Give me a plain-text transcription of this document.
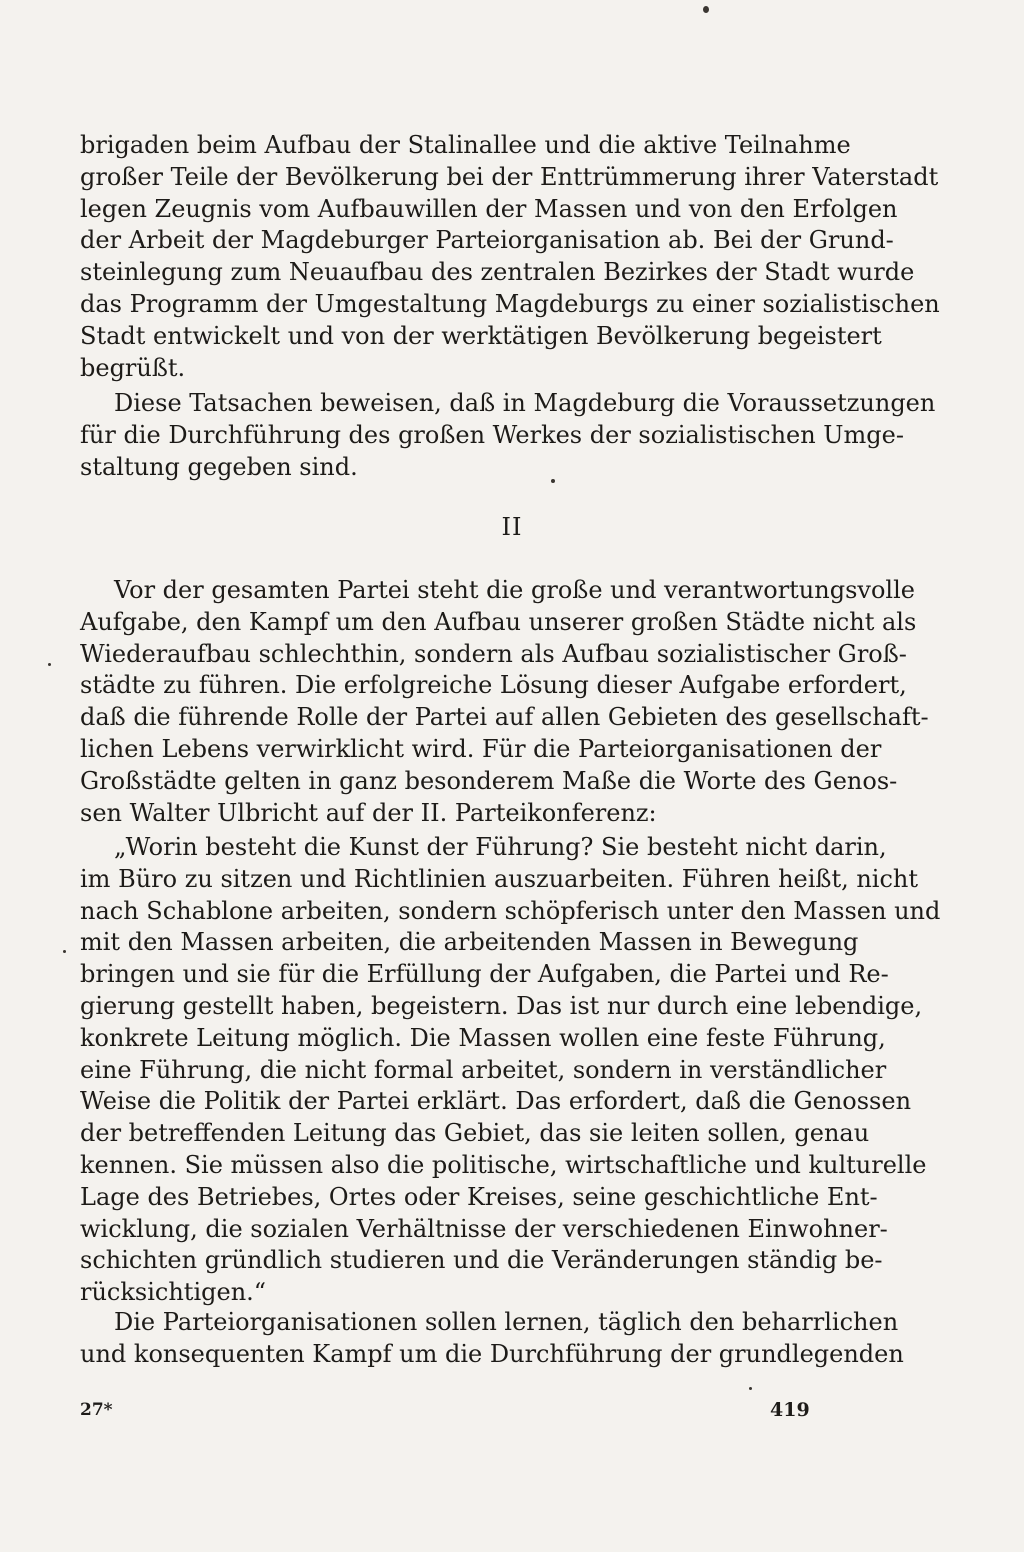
brigaden beim Aufbau der Stalinallee und die aktive Teilnahme
großer Teile der Bevölkerung bei der Enttrümmerung ihrer Vaterstadt
legen Zeugnis vom Aufbauwillen der Massen und von den Erfolgen
der Arbeit der Magdeburger Parteiorganisation ab. Bei der Grund-
steinlegung zum Neuaufbau des zentralen Bezirkes der Stadt wurde
das Programm der Umgestaltung Magdeburgs zu einer sozialistischen
Stadt entwickelt und von der werktätigen Bevölkerung begeistert
begrüßt.
Diese Tatsachen beweisen, daß in Magdeburg die Voraussetzungen
für die Durchführung des großen Werkes der sozialistischen Umge-
staltung gegeben sind.
II
Vor der gesamten Partei steht die große und verantwortungsvolle
Aufgabe, den Kampf um den Aufbau unserer großen Städte nicht als
Wiederaufbau schlechthin, sondern als Aufbau sozialistischer Groß-
städte zu führen. Die erfolgreiche Lösung dieser Aufgabe erfordert,
daß die führende Rolle der Partei auf allen Gebieten des gesellschaft-
lichen Lebens verwirklicht wird. Für die Parteiorganisationen der
Großstädte gelten in ganz besonderem Maße die Worte des Genos-
sen Walter Ulbricht auf der II. Parteikonferenz:
„Worin besteht die Kunst der Führung? Sie besteht nicht darin,
im Büro zu sitzen und Richtlinien auszuarbeiten. Führen heißt, nicht
nach Schablone arbeiten, sondern schöpferisch unter den Massen und
mit den Massen arbeiten, die arbeitenden Massen in Bewegung
bringen und sie für die Erfüllung der Aufgaben, die Partei und Re-
gierung gestellt haben, begeistern. Das ist nur durch eine lebendige,
konkrete Leitung möglich. Die Massen wollen eine feste Führung,
eine Führung, die nicht formal arbeitet, sondern in verständlicher
Weise die Politik der Partei erklärt. Das erfordert, daß die Genossen
der betreffenden Leitung das Gebiet, das sie leiten sollen, genau
kennen. Sie müssen also die politische, wirtschaftliche und kulturelle
Lage des Betriebes, Ortes oder Kreises, seine geschichtliche Ent-
wicklung, die sozialen Verhältnisse der verschiedenen Einwohner-
schichten gründlich studieren und die Veränderungen ständig be-
rücksichtigen.“
Die Parteiorganisationen sollen lernen, täglich den beharrlichen
und konsequenten Kampf um die Durchführung der grundlegenden
27*	419
